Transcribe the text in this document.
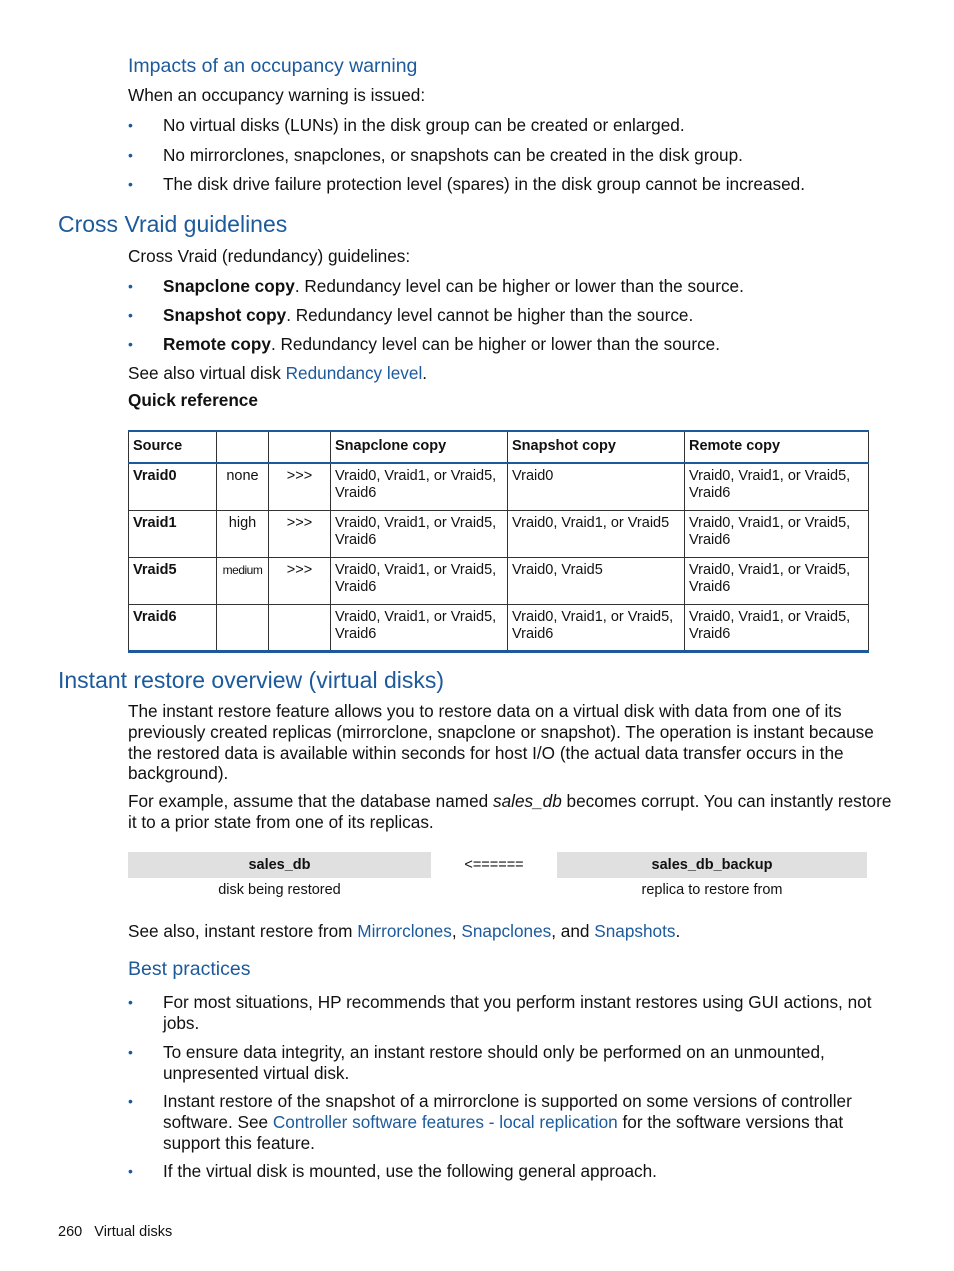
Impacts of an occupancy warning
When an occupancy warning is issued:
• No virtual disks (LUNs) in the disk group can be created or enlarged.
• No mirrorclones, snapclones, or snapshots can be created in the disk group.
• The disk drive failure protection level (spares) in the disk group cannot be increased.
Cross Vraid guidelines
Cross Vraid (redundancy) guidelines:
• Snapclone copy. Redundancy level can be higher or lower than the source.
• Snapshot copy. Redundancy level cannot be higher than the source.
• Remote copy. Redundancy level can be higher or lower than the source.
See also virtual disk Redundancy level.
Quick reference
Source			Snapclone copy	Snapshot copy	Remote copy
Vraid0	none	>>>	Vraid0, Vraid1, or Vraid5, Vraid6	Vraid0	Vraid0, Vraid1, or Vraid5, Vraid6
Vraid1	high	>>>	Vraid0, Vraid1, or Vraid5, Vraid6	Vraid0, Vraid1, or Vraid5	Vraid0, Vraid1, or Vraid5, Vraid6
Vraid5	medium	>>>	Vraid0, Vraid1, or Vraid5, Vraid6	Vraid0, Vraid5	Vraid0, Vraid1, or Vraid5, Vraid6
Vraid6			Vraid0, Vraid1, or Vraid5, Vraid6	Vraid0, Vraid1, or Vraid5, Vraid6	Vraid0, Vraid1, or Vraid5, Vraid6
Instant restore overview (virtual disks)
The instant restore feature allows you to restore data on a virtual disk with data from one of its
previously created replicas (mirrorclone, snapclone or snapshot). The operation is instant because
the restored data is available within seconds for host I/O (the actual data transfer occurs in the
background).
For example, assume that the database named sales_db becomes corrupt. You can instantly restore
it to a prior state from one of its replicas.
sales_db	<======	sales_db_backup
disk being restored	replica to restore from
See also, instant restore from Mirrorclones, Snapclones, and Snapshots.
Best practices
• For most situations, HP recommends that you perform instant restores using GUI actions, not
jobs.
• To ensure data integrity, an instant restore should only be performed on an unmounted,
unpresented virtual disk.
• Instant restore of the snapshot of a mirrorclone is supported on some versions of controller
software. See Controller software features - local replication for the software versions that
support this feature.
• If the virtual disk is mounted, use the following general approach.
260 Virtual disks
